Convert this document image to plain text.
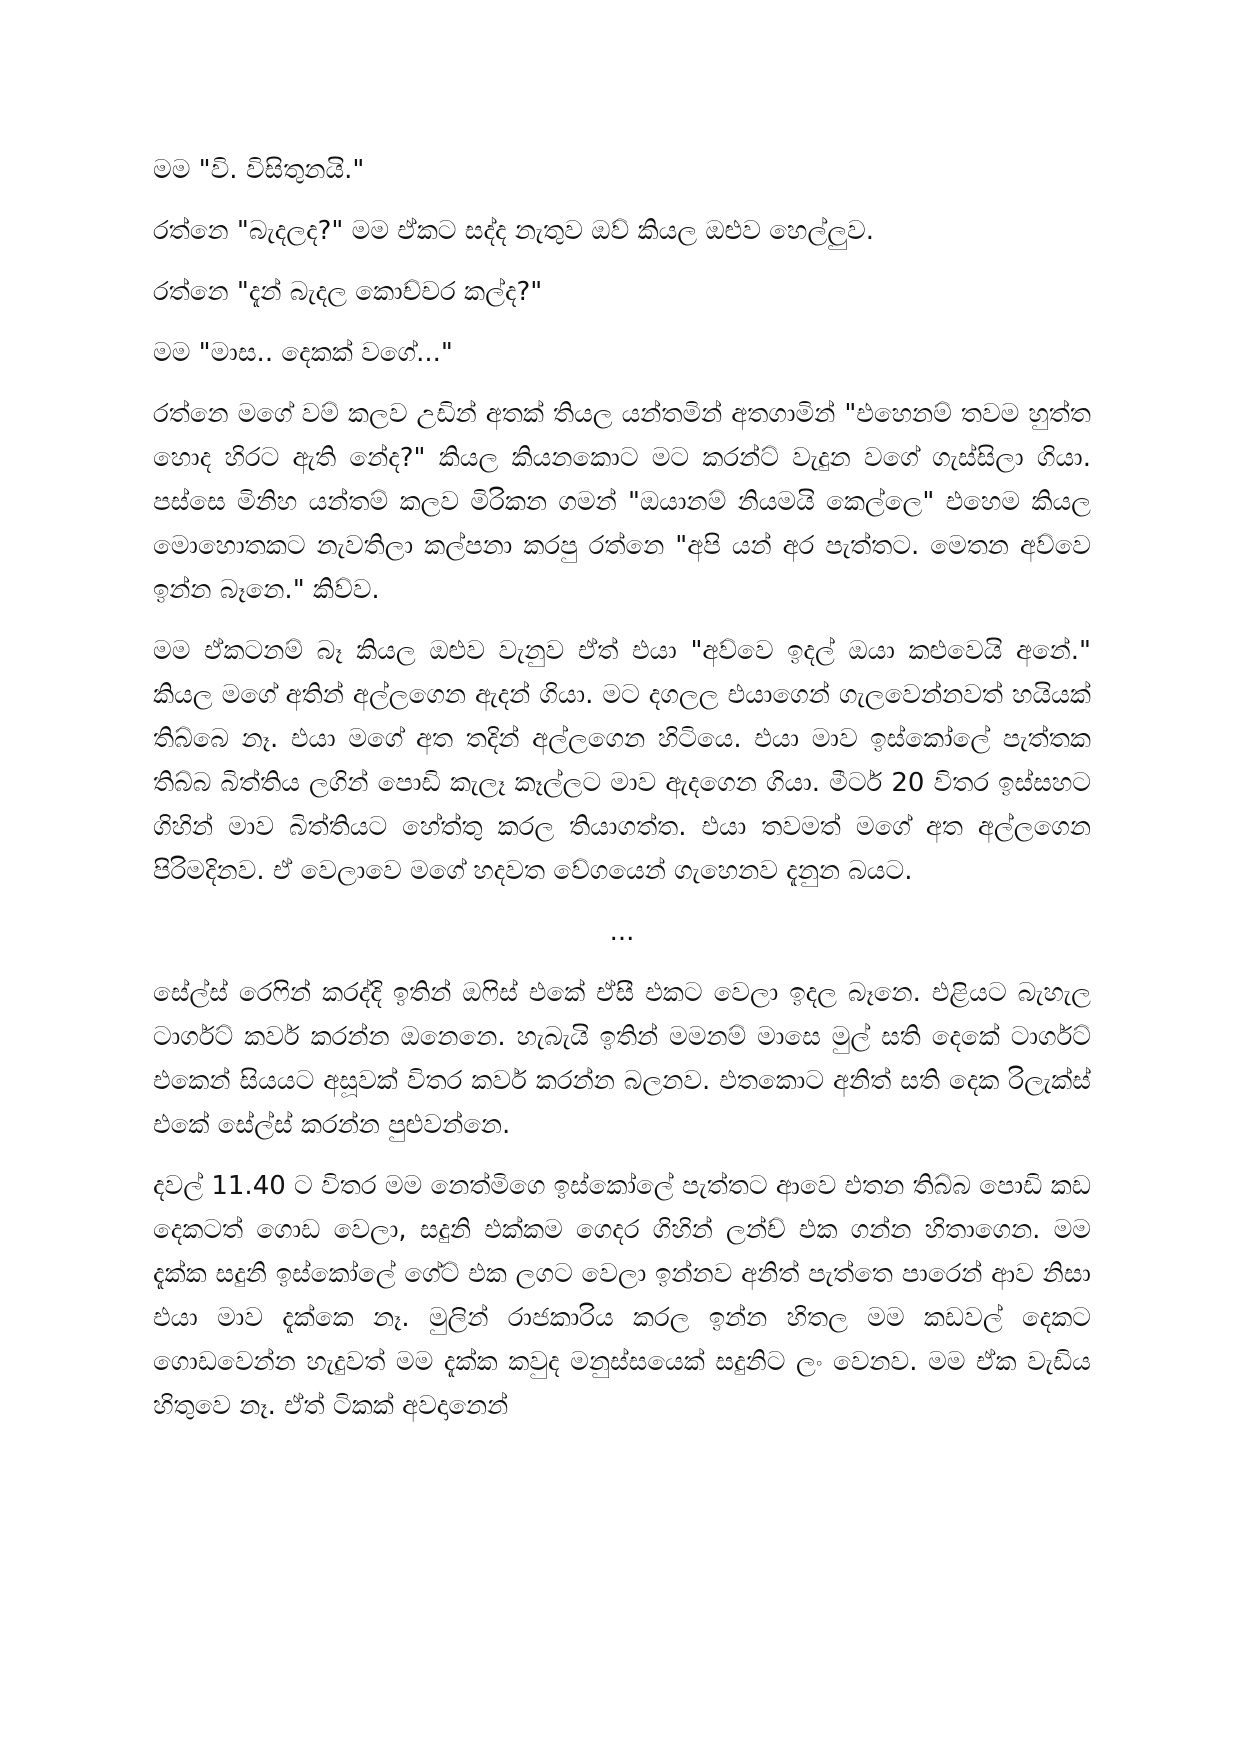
මම "වි. විසිතුනයි."

රත්නෙ "බැදලද?" මම ඒකට සද්ද නැතුව ඔව් කියල ඔළුව හෙල්ලුව.

රත්නෙ "දැන් බැදල කොච්චර කල්ද?"

මම "මාස.. දෙකක් වගේ..."

රත්නෙ මගේ වම් කලව උඩින් අතක් තියල යන්තමින් අතගාමින් "එහෙනම් තවම හුත්ත හොද හිරට ඇති නේද?" කියල කියනකොට මට කරන්ට් වැදුන වගේ ගැස්සිලා ගියා. පස්සෙ මිනිහ යන්තම් කලව මිරිකන ගමන් "ඔයානම් නියමයි කෙල්ලෙ" එහෙම කියල මොහොතකට නැවතිලා කල්පනා කරපු රත්නෙ "අපි යන් අර පැත්තට. මෙතන අව්වෙ ඉන්න බෑනෙ." කිව්ව.

මම ඒකටනම් බෑ කියල ඔළුව වැනුව ඒත් එයා "අව්වෙ ඉදල් ඔයා කළුවෙයි අනේ." කියල මගේ අතින් අල්ලගෙන ඇදන් ගියා. මට දගලල එයාගෙන් ගැලවෙන්නවත් හයියක් තිබ්බෙ නෑ. එයා මගේ අත තදින් අල්ලගෙන හිටියෙ. එයා මාව ඉස්කෝලේ පැත්තක තිබ්බ බිත්තිය ලගින් පොඩි කැලෑ කෑල්ලට මාව ඇදගෙන ගියා. මීටර් 20 විතර ඉස්සහට ගිහින් මාව බිත්තියට හේත්තු කරල තියාගත්ත. එයා තවමත් මගේ අත අල්ලගෙන පිරිමදිනව. ඒ වෙලාවෙ මගේ හදවත වේගයෙන් ගැහෙනව දැනුන බයට.

...

සේල්ස් රෙෆින් කරද්දි ඉතින් ඔෆිස් එකේ ඒසී එකට වෙලා ඉදල බෑනෙ. එළියට බැහැල ටාර්ගට් කවර් කරන්න ඔනෙනෙ. හැබැයි ඉතින් මමනම් මාසෙ මුල් සති දෙකේ ටාර්ගට් එකෙන් සියයට අසූවක් විතර කවර් කරන්න බලනව. එතකොට අනිත් සති දෙක රිලැක්ස් එකේ සේල්ස් කරන්න පුළුවන්නෙ.

දවල් 11.40 ට විතර මම නෙත්මිගෙ ඉස්කෝලේ පැත්තට ආවෙ එතන තිබ්බ පොඩි කඩ දෙකටත් ගොඩ වෙලා, සදුනි එක්කම ගෙදර ගිහින් ලන්ච් එක ගන්න හිතාගෙන. මම දැක්ක සදුනි ඉස්කෝලේ ගේට් එක ලගට වෙලා ඉන්නව අනිත් පැත්තෙ පාරෙන් ආව නිසා එයා මාව දැක්කෙ නෑ. මුලින් රාජකාරිය කරල ඉන්න හිතල මම කඩවල් දෙකට ගොඩවෙන්න හැදුවත් මම දැක්ක කවුද මනුස්සයෙක් සදුනිට ලං වෙනව. මම ඒක වැඩිය හිතුවෙ නෑ. ඒත් ටිකක් අවදානෙන්
